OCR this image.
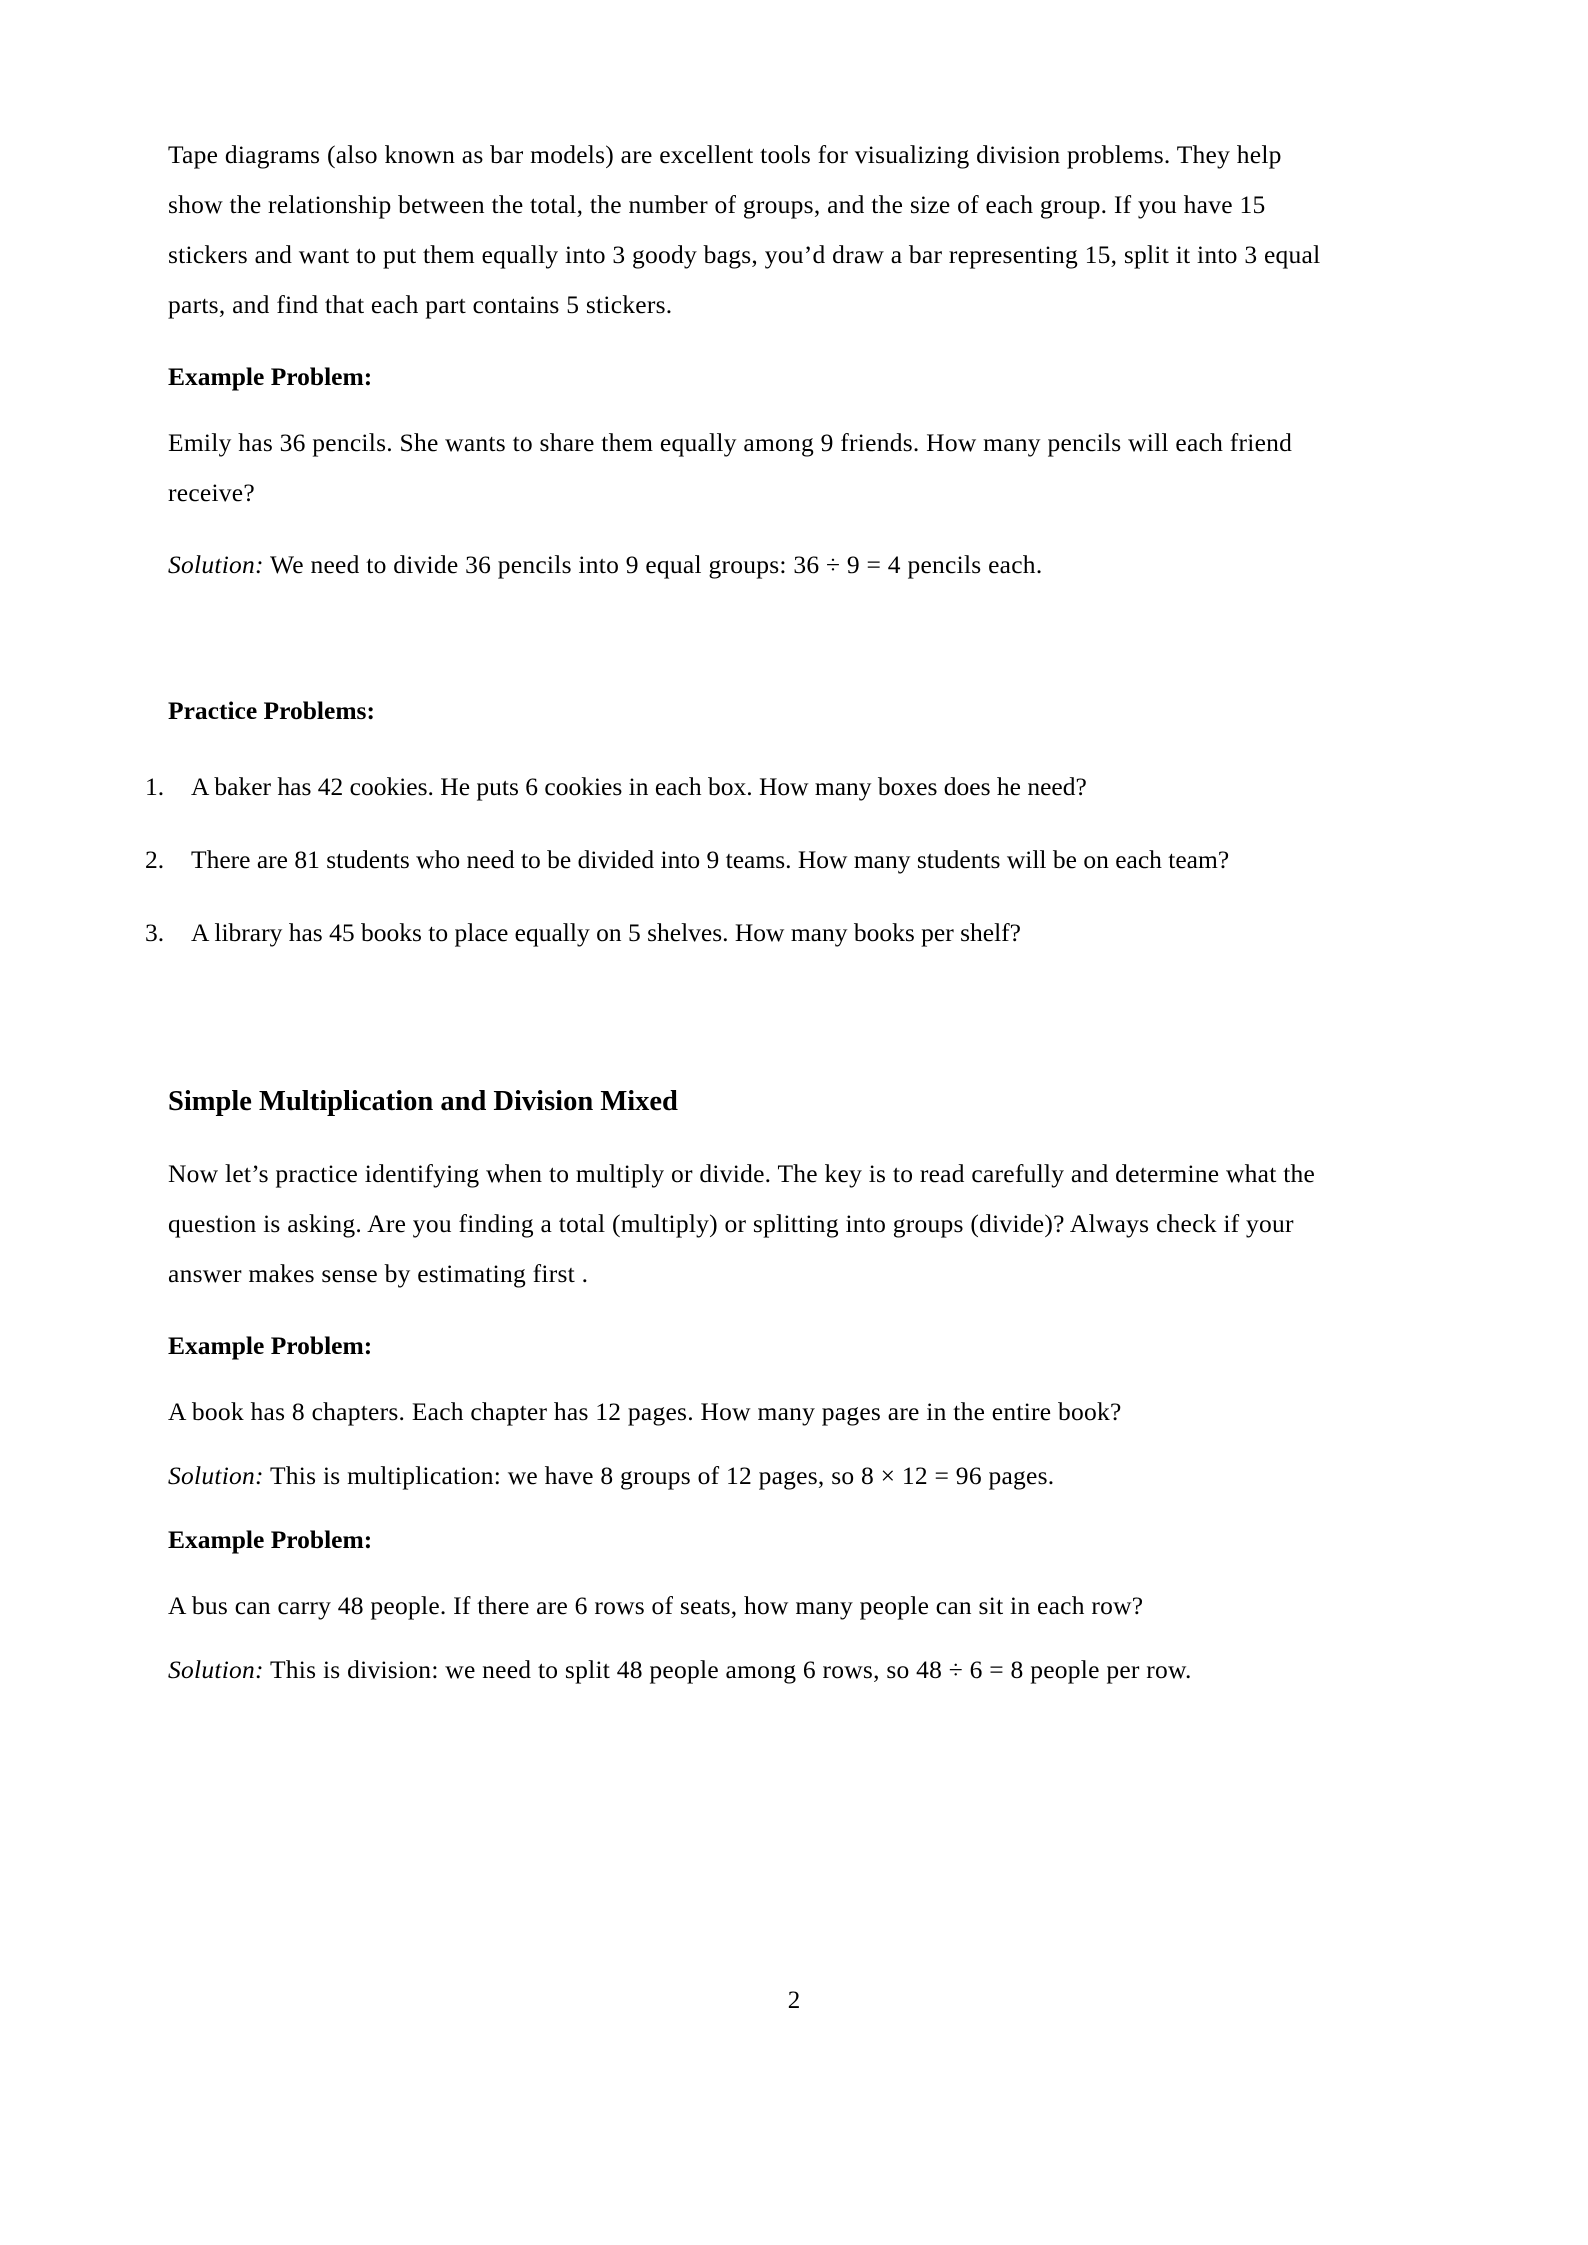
Tape diagrams (also known as bar models) are excellent tools for visualizing division problems. They help show the relationship between the total, the number of groups, and the size of each group. If you have 15 stickers and want to put them equally into 3 goody bags, you’d draw a bar representing 15, split it into 3 equal parts, and find that each part contains 5 stickers.

Example Problem:

Emily has 36 pencils. She wants to share them equally among 9 friends. How many pencils will each friend receive?

Solution: We need to divide 36 pencils into 9 equal groups: 36 ÷ 9 = 4 pencils each.

Practice Problems:
1.	A baker has 42 cookies. He puts 6 cookies in each box. How many boxes does he need?
2.	There are 81 students who need to be divided into 9 teams. How many students will be on each team?
3.	A library has 45 books to place equally on 5 shelves. How many books per shelf?
Simple Multiplication and Division Mixed

Now let’s practice identifying when to multiply or divide. The key is to read carefully and determine what the question is asking. Are you finding a total (multiply) or splitting into groups (divide)? Always check if your answer makes sense by estimating first .

Example Problem:

A book has 8 chapters. Each chapter has 12 pages. How many pages are in the entire book?

Solution: This is multiplication: we have 8 groups of 12 pages, so 8 × 12 = 96 pages.

Example Problem:

A bus can carry 48 people. If there are 6 rows of seats, how many people can sit in each row?

Solution: This is division: we need to split 48 people among 6 rows, so 48 ÷ 6 = 8 people per row.

2
